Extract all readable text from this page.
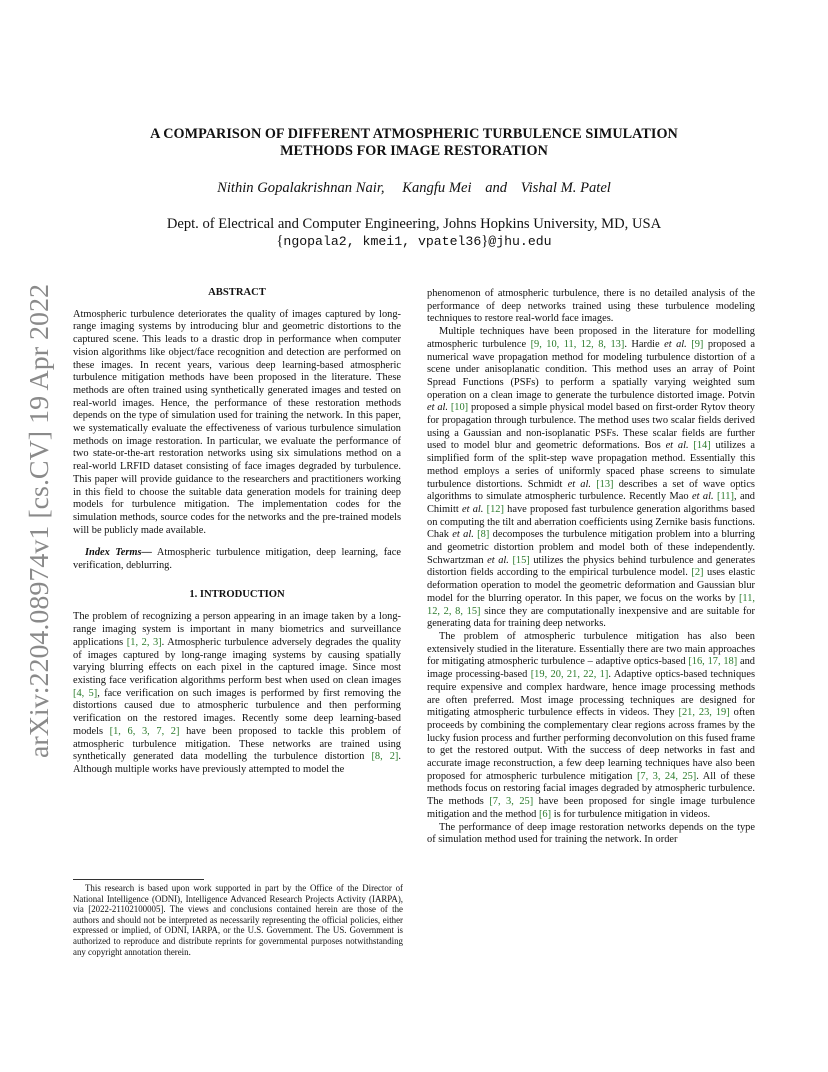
arXiv:2204.08974v1 [cs.CV] 19 Apr 2022
A COMPARISON OF DIFFERENT ATMOSPHERIC TURBULENCE SIMULATION
METHODS FOR IMAGE RESTORATION
Nithin Gopalakrishnan Nair, Kangfu Mei and Vishal M. Patel
Dept. of Electrical and Computer Engineering, Johns Hopkins University, MD, USA
{ngopala2, kmei1, vpatel36}@jhu.edu
ABSTRACT

Atmospheric turbulence deteriorates the quality of images captured by long-range imaging systems by introducing blur and geometric distortions to the captured scene. This leads to a drastic drop in performance when computer vision algorithms like object/face recognition and detection are performed on these images. In recent years, various deep learning-based atmospheric turbulence mitigation methods have been proposed in the literature. These methods are often trained using synthetically generated images and tested on real-world images. Hence, the performance of these restoration methods depends on the type of simulation used for training the network. In this paper, we systematically evaluate the effectiveness of various turbulence simulation methods on image restoration. In particular, we evaluate the performance of two state-or-the-art restoration networks using six simulations method on a real-world LRFID dataset consisting of face images degraded by turbulence. This paper will provide guidance to the researchers and practitioners working in this field to choose the suitable data generation models for training deep models for turbulence mitigation. The implementation codes for the simulation methods, source codes for the networks and the pre-trained models will be publicly made available.

Index Terms— Atmospheric turbulence mitigation, deep learning, face verification, deblurring.

1. INTRODUCTION

The problem of recognizing a person appearing in an image taken by a long-range imaging system is important in many biometrics and surveillance applications [1, 2, 3]. Atmospheric turbulence adversely degrades the quality of images captured by long-range imaging systems by causing spatially varying blurring effects on each pixel in the captured image. Since most existing face verification algorithms perform best when used on clean images [4, 5], face verification on such images is performed by first removing the distortions caused due to atmospheric turbulence and then performing verification on the restored images. Recently some deep learning-based models [1, 6, 3, 7, 2] have been proposed to tackle this problem of atmospheric turbulence mitigation. These networks are trained using synthetically generated data modelling the turbulence distortion [8, 2]. Although multiple works have previously attempted to model the

This research is based upon work supported in part by the Office of the Director of National Intelligence (ODNI), Intelligence Advanced Research Projects Activity (IARPA), via [2022-21102100005]. The views and conclusions contained herein are those of the authors and should not be interpreted as necessarily representing the official policies, either expressed or implied, of ODNI, IARPA, or the U.S. Government. The US. Government is authorized to reproduce and distribute reprints for governmental purposes notwithstanding any copyright annotation therein.

phenomenon of atmospheric turbulence, there is no detailed analysis of the performance of deep networks trained using these turbulence modeling techniques to restore real-world face images.

Multiple techniques have been proposed in the literature for modelling atmospheric turbulence [9, 10, 11, 12, 8, 13]. Hardie et al. [9] proposed a numerical wave propagation method for modeling turbulence distortion of a scene under anisoplanatic condition. This method uses an array of Point Spread Functions (PSFs) to perform a spatially varying weighted sum operation on a clean image to generate the turbulence distorted image. Potvin et al. [10] proposed a simple physical model based on first-order Rytov theory for propagation through turbulence. The method uses two scalar fields derived using a Gaussian and non-isoplanatic PSFs. These scalar fields are further used to model blur and geometric deformations. Bos et al. [14] utilizes a simplified form of the split-step wave propagation method. Essentially this method employs a series of uniformly spaced phase screens to simulate turbulence distortions. Schmidt et al. [13] describes a set of wave optics algorithms to simulate atmospheric turbulence. Recently Mao et al. [11], and Chimitt et al. [12] have proposed fast turbulence generation algorithms based on computing the tilt and aberration coefficients using Zernike basis functions. Chak et al. [8] decomposes the turbulence mitigation problem into a blurring and geometric distortion problem and model both of these independently. Schwartzman et al. [15] utilizes the physics behind turbulence and generates distortion fields according to the empirical turbulence model. [2] uses elastic deformation operation to model the geometric deformation and Gaussian blur model for the blurring operator. In this paper, we focus on the works by [11, 12, 2, 8, 15] since they are computationally inexpensive and are suitable for generating data for training deep networks.

The problem of atmospheric turbulence mitigation has also been extensively studied in the literature. Essentially there are two main approaches for mitigating atmospheric turbulence – adaptive optics-based [16, 17, 18] and image processing-based [19, 20, 21, 22, 1]. Adaptive optics-based techniques require expensive and complex hardware, hence image processing methods are often preferred. Most image processing techniques are designed for mitigating atmospheric turbulence effects in videos. They [21, 23, 19] often proceeds by combining the complementary clear regions across frames by the lucky fusion process and further performing deconvolution on this fused frame to get the restored output. With the success of deep networks in fast and accurate image reconstruction, a few deep learning techniques have also been proposed for atmospheric turbulence mitigation [7, 3, 24, 25]. All of these methods focus on restoring facial images degraded by atmospheric turbulence. The methods [7, 3, 25] have been proposed for single image turbulence mitigation and the method [6] is for turbulence mitigation in videos.

The performance of deep image restoration networks depends on the type of simulation method used for training the network. In order
